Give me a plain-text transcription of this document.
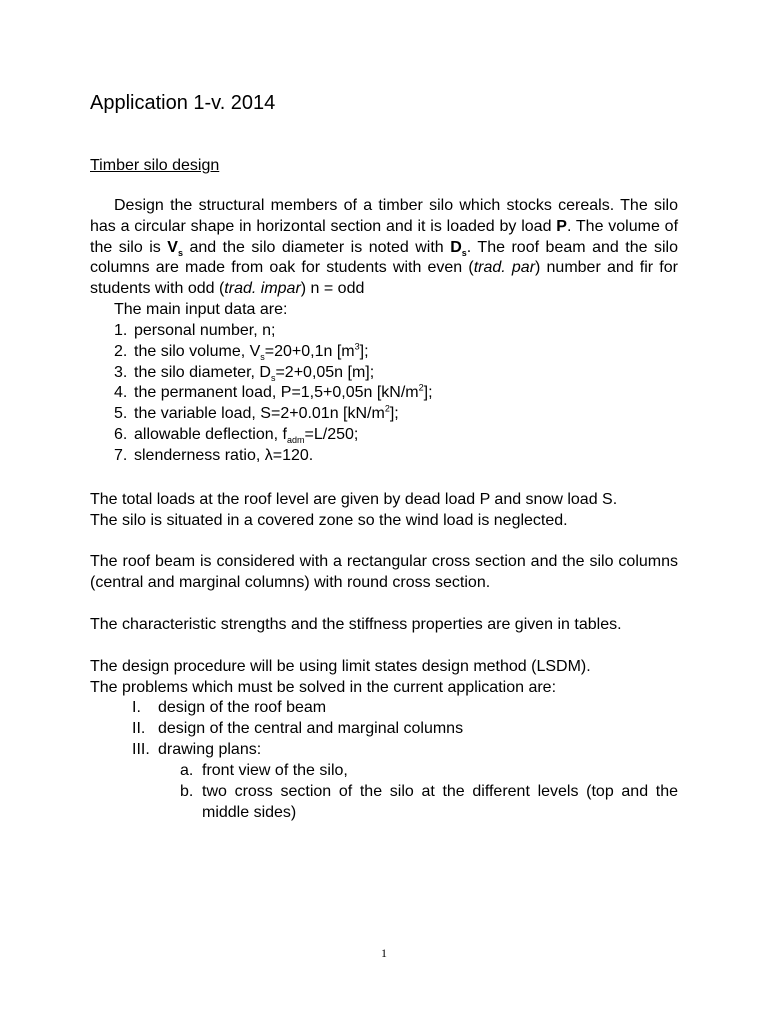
Application 1-v. 2014
Timber silo design

Design the structural members of a timber silo which stocks cereals. The silo has a circular shape in horizontal section and it is loaded by load P. The volume of the silo is $V_s$ and the silo diameter is noted with $D_s$. The roof beam and the silo columns are made from oak for students with even (trad. par) number and fir for students with odd (trad. impar) n = odd

The main input data are:
1. personal number, n;
2. the silo volume, $V_s=20+0,1n$ $[m^3]$;
3. the silo diameter, $D_s=2+0,05n$ [m];
4. the permanent load, P=1,5+0,05n $[kN/m^2]$;
5. the variable load, S=2+0.01n $[kN/m^2]$;
6. allowable deflection, $f_{adm}=L/250$;
7. slenderness ratio, λ=120.
The total loads at the roof level are given by dead load P and snow load S.
The silo is situated in a covered zone so the wind load is neglected.

The roof beam is considered with a rectangular cross section and the silo columns (central and marginal columns) with round cross section.

The characteristic strengths and the stiffness properties are given in tables.

The design procedure will be using limit states design method (LSDM).
The problems which must be solved in the current application are:
I. design of the roof beam
II. design of the central and marginal columns
III. drawing plans:
a. front view of the silo,
b. two cross section of the silo at the different levels (top and the middle sides)
1
